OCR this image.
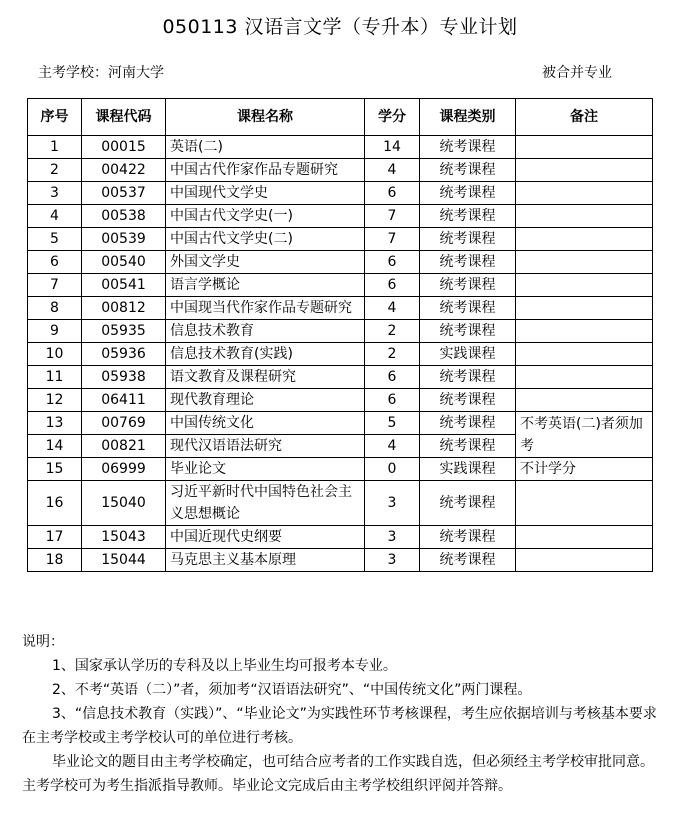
050113 汉语言文学（专升本）专业计划
主考学校：河南大学	被合并专业
序号	课程代码	课程名称	学分	课程类别	备注
1	00015	英语(二)	14	统考课程	
2	00422	中国古代作家作品专题研究	4	统考课程	
3	00537	中国现代文学史	6	统考课程	
4	00538	中国古代文学史(一)	7	统考课程	
5	00539	中国古代文学史(二)	7	统考课程	
6	00540	外国文学史	6	统考课程	
7	00541	语言学概论	6	统考课程	
8	00812	中国现当代作家作品专题研究	4	统考课程	
9	05935	信息技术教育	2	统考课程	
10	05936	信息技术教育(实践)	2	实践课程	
11	05938	语文教育及课程研究	6	统考课程	
12	06411	现代教育理论	6	统考课程	
13	00769	中国传统文化	5	统考课程	不考英语(二)者须加考
14	00821	现代汉语语法研究	4	统考课程	
15	06999	毕业论文	0	实践课程	不计学分
16	15040	习近平新时代中国特色社会主义思想概论	3	统考课程	
17	15043	中国近现代史纲要	3	统考课程	
18	15044	马克思主义基本原理	3	统考课程	

说明：

1、国家承认学历的专科及以上毕业生均可报考本专业。

2、不考“英语（二）”者，须加考“汉语语法研究”、“中国传统文化”两门课程。

3、“信息技术教育（实践）”、“毕业论文”为实践性环节考核课程，考生应依据培训与考核基本要求在主考学校或主考学校认可的单位进行考核。

毕业论文的题目由主考学校确定，也可结合应考者的工作实践自选，但必须经主考学校审批同意。主考学校可为考生指派指导教师。毕业论文完成后由主考学校组织评阅并答辩。
